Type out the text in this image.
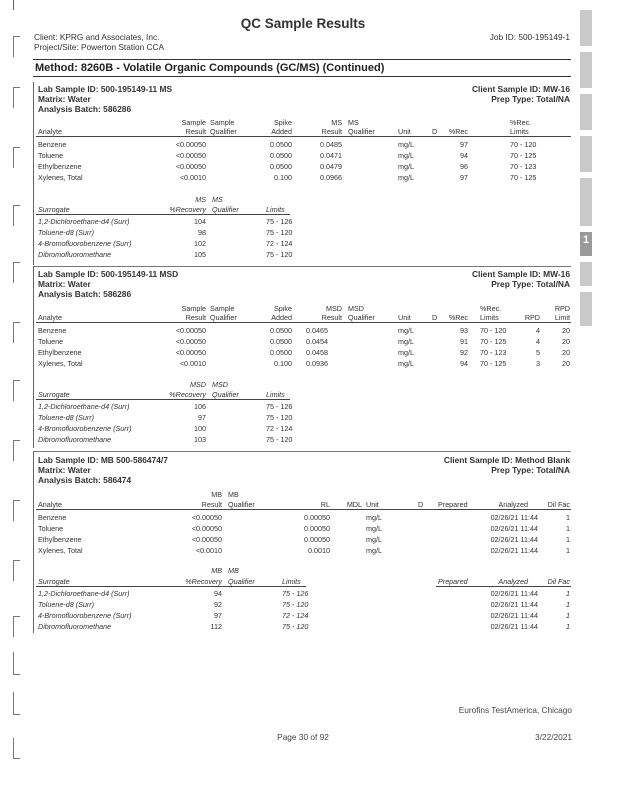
1
QC Sample Results
Client: KPRG and Associates, Inc.
Project/Site: Powerton Station CCA
Job ID: 500-195149-1
Method: 8260B - Volatile Organic Compounds (GC/MS) (Continued)
Lab Sample ID: 500-195149-11 MS
Matrix: Water
Analysis Batch: 586286
Client Sample ID: MW-16
Prep Type: Total/NA
Sample Sample	Spike	MS MS	%Rec.
Analyte	Result Qualifier	Added	Result Qualifier	Unit	D	%Rec	Limits
Benzene	<0.00050	0.0500	0.0485	mg/L	97	70 - 120
Toluene	<0.00050	0.0500	0.0471	mg/L	94	70 - 125
Ethylbenzene	<0.00050	0.0500	0.0479	mg/L	96	70 - 123
Xylenes, Total	<0.0010	0.100	0.0966	mg/L	97	70 - 125
MS MS
Surrogate	%Recovery Qualifier	Limits
1,2-Dichloroethane-d4 (Surr)	104	75 - 126
Toluene-d8 (Surr)	98	75 - 120
4-Bromofluorobenzene (Surr)	102	72 - 124
Dibromofluoromethane	105	75 - 120
Lab Sample ID: 500-195149-11 MSD
Matrix: Water
Analysis Batch: 586286
Client Sample ID: MW-16
Prep Type: Total/NA
Sample Sample	Spike	MSD MSD	%Rec.	RPD
Analyte	Result Qualifier	Added	Result Qualifier	Unit	D	%Rec Limits	RPD	Limit
Benzene	<0.00050	0.0500 0.0465	mg/L	93 70 - 120	4	20
Toluene	<0.00050	0.0500 0.0454	mg/L	91 70 - 125	4	20
Ethylbenzene	<0.00050	0.0500 0.0458	mg/L	92 70 - 123	5	20
Xylenes, Total	<0.0010	0.100 0.0936	mg/L	94 70 - 125	3	20
MSD MSD
Surrogate	%Recovery Qualifier	Limits
1,2-Dichloroethane-d4 (Surr)	106	75 - 126
Toluene-d8 (Surr)	97	75 - 120
4-Bromofluorobenzene (Surr)	100	72 - 124
Dibromofluoromethane	103	75 - 120
Lab Sample ID: MB 500-586474/7
Matrix: Water
Analysis Batch: 586474
Client Sample ID: Method Blank
Prep Type: Total/NA
MB MB
Analyte	Result Qualifier	RL	MDL Unit	D Prepared	Analyzed	Dil Fac
Benzene	<0.00050	0.00050	mg/L	02/26/21 11:44	1
Toluene	<0.00050	0.00050	mg/L	02/26/21 11:44	1
Ethylbenzene	<0.00050	0.00050	mg/L	02/26/21 11:44	1
Xylenes, Total	<0.0010	0.0010	mg/L	02/26/21 11:44	1
MB MB
Surrogate	%Recovery Qualifier	Limits	Prepared	Analyzed	Dil Fac
1,2-Dichloroethane-d4 (Surr)	94	75 - 126	02/26/21 11:44	1
Toluene-d8 (Surr)	92	75 - 120	02/26/21 11:44	1
4-Bromofluorobenzene (Surr)	97	72 - 124	02/26/21 11:44	1
Dibromofluoromethane	112	75 - 120	02/26/21 11:44	1
Eurofins TestAmerica, Chicago
Page 30 of 92	3/22/2021
